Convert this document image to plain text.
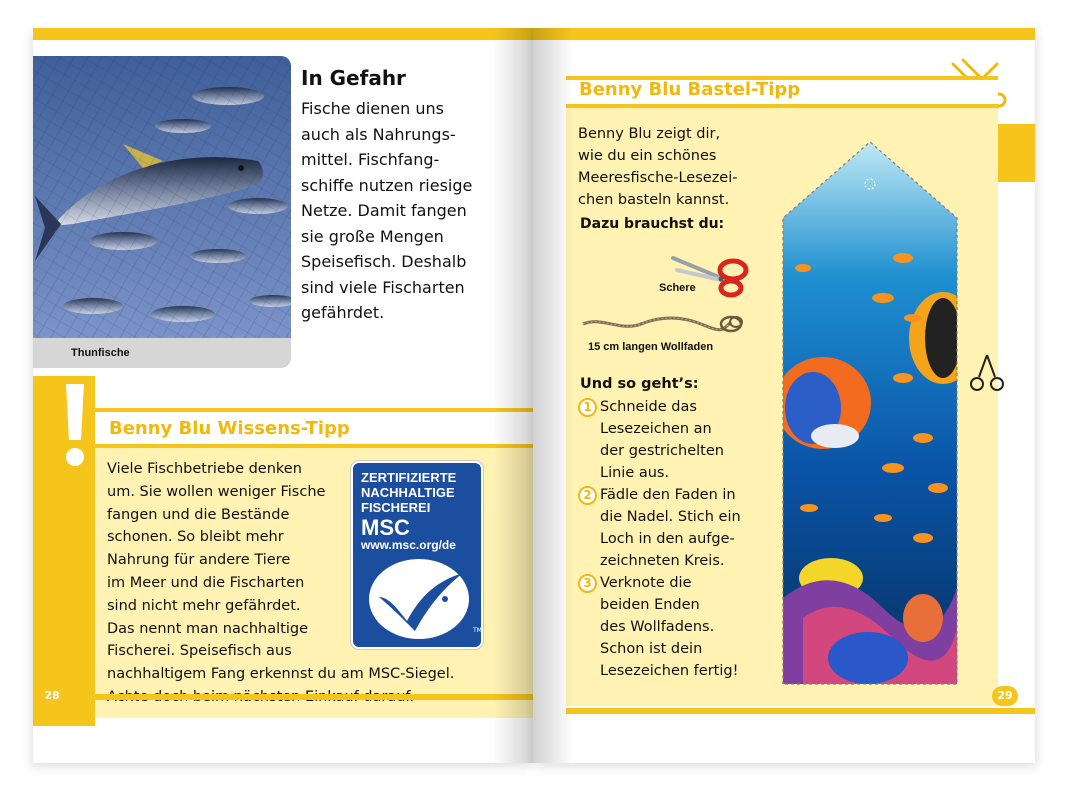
Thunfische
In Gefahr
Fische dienen uns
auch als Nahrungs-
mittel. Fischfang-
schiffe nutzen riesige
Netze. Damit fangen
sie große Mengen
Speisefisch. Deshalb
sind viele Fischarten
gefährdet.
Benny Blu Wissens-Tipp
Viele Fischbetriebe denken
um. Sie wollen weniger Fische
fangen und die Bestände
schonen. So bleibt mehr
Nahrung für andere Tiere
im Meer und die Fischarten
sind nicht mehr gefährdet.
Das nennt man nachhaltige
Fischerei. Speisefisch aus
nachhaltigem Fang erkennst du am MSC-Siegel.
ZERTIFIZIERTE
NACHHALTIGE
FISCHEREI
MSC
www.msc.org/de
TM
28
Benny Blu Bastel-Tipp
Benny Blu zeigt dir,
wie du ein schönes
Meeresfische-Lesezei-
chen basteln kannst.
Dazu brauchst du:
Schere
15 cm langen Wollfaden
Und so geht’s:
1
2
3
Schneide das
Lesezeichen an
der gestrichelten
Linie aus.
Fädle den Faden in
die Nadel. Stich ein
Loch in den aufge-
zeichneten Kreis.
Verknote die
beiden Enden
des Wollfadens.
Schon ist dein
Lesezeichen fertig!
29
